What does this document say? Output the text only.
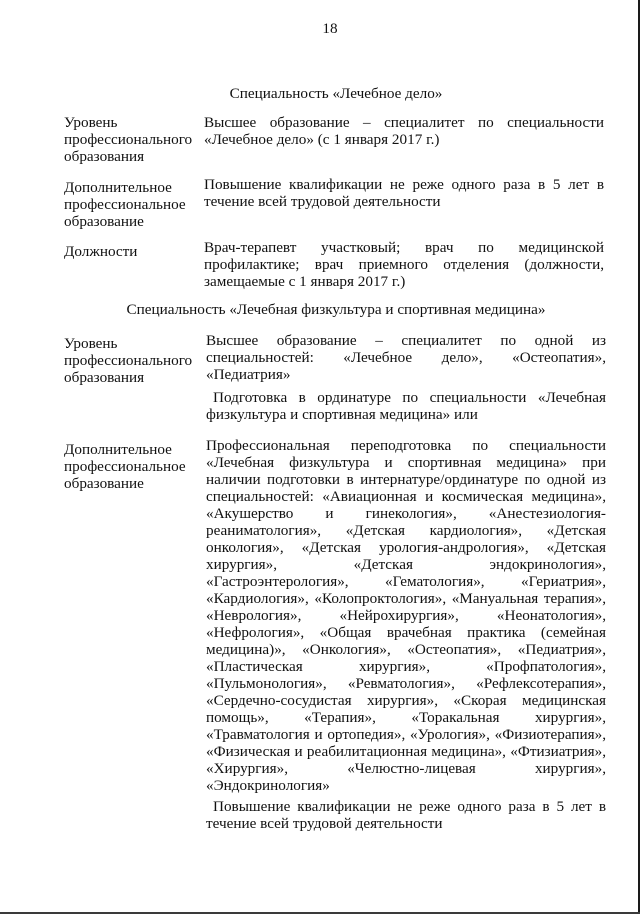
18
Специальность «Лечебное дело»
Уровень профессионального образования
Высшее образование – специалитет по специальности «Лечебное дело» (с 1 января 2017 г.)
Дополнительное профессиональное образование
Повышение квалификации не реже одного раза в 5 лет в течение всей трудовой деятельности
Должности	Врач-терапевт участковый; врач по медицинской профилактике; врач приемного отделения (должности, замещаемые с 1 января 2017 г.)
Специальность «Лечебная физкультура и спортивная медицина»
Уровень профессионального образования
Высшее образование – специалитет по одной из специальностей: «Лечебное дело», «Остеопатия», «Педиатрия»
Подготовка в ординатуре по специальности «Лечебная физкультура и спортивная медицина» или
Дополнительное профессиональное образование
Профессиональная переподготовка по специальности «Лечебная физкультура и спортивная медицина» при наличии подготовки в интернатуре/ординатуре по одной из специальностей: «Авиационная и космическая медицина», «Акушерство и гинекология», «Анестезиология-реаниматология», «Детская кардиология», «Детская онкология», «Детская урология-андрология», «Детская хирургия», «Детская эндокринология», «Гастроэнтерология», «Гематология», «Гериатрия», «Кардиология», «Колопроктология», «Мануальная терапия», «Неврология», «Нейрохирургия», «Неонатология», «Нефрология», «Общая врачебная практика (семейная медицина)», «Онкология», «Остеопатия», «Педиатрия», «Пластическая хирургия», «Профпатология», «Пульмонология», «Ревматология», «Рефлексотерапия», «Сердечно-сосудистая хирургия», «Скорая медицинская помощь», «Терапия», «Торакальная хирургия», «Травматология и ортопедия», «Урология», «Физиотерапия», «Физическая и реабилитационная медицина», «Фтизиатрия», «Хирургия», «Челюстно-лицевая хирургия», «Эндокринология»
Повышение квалификации не реже одного раза в 5 лет в течение всей трудовой деятельности
